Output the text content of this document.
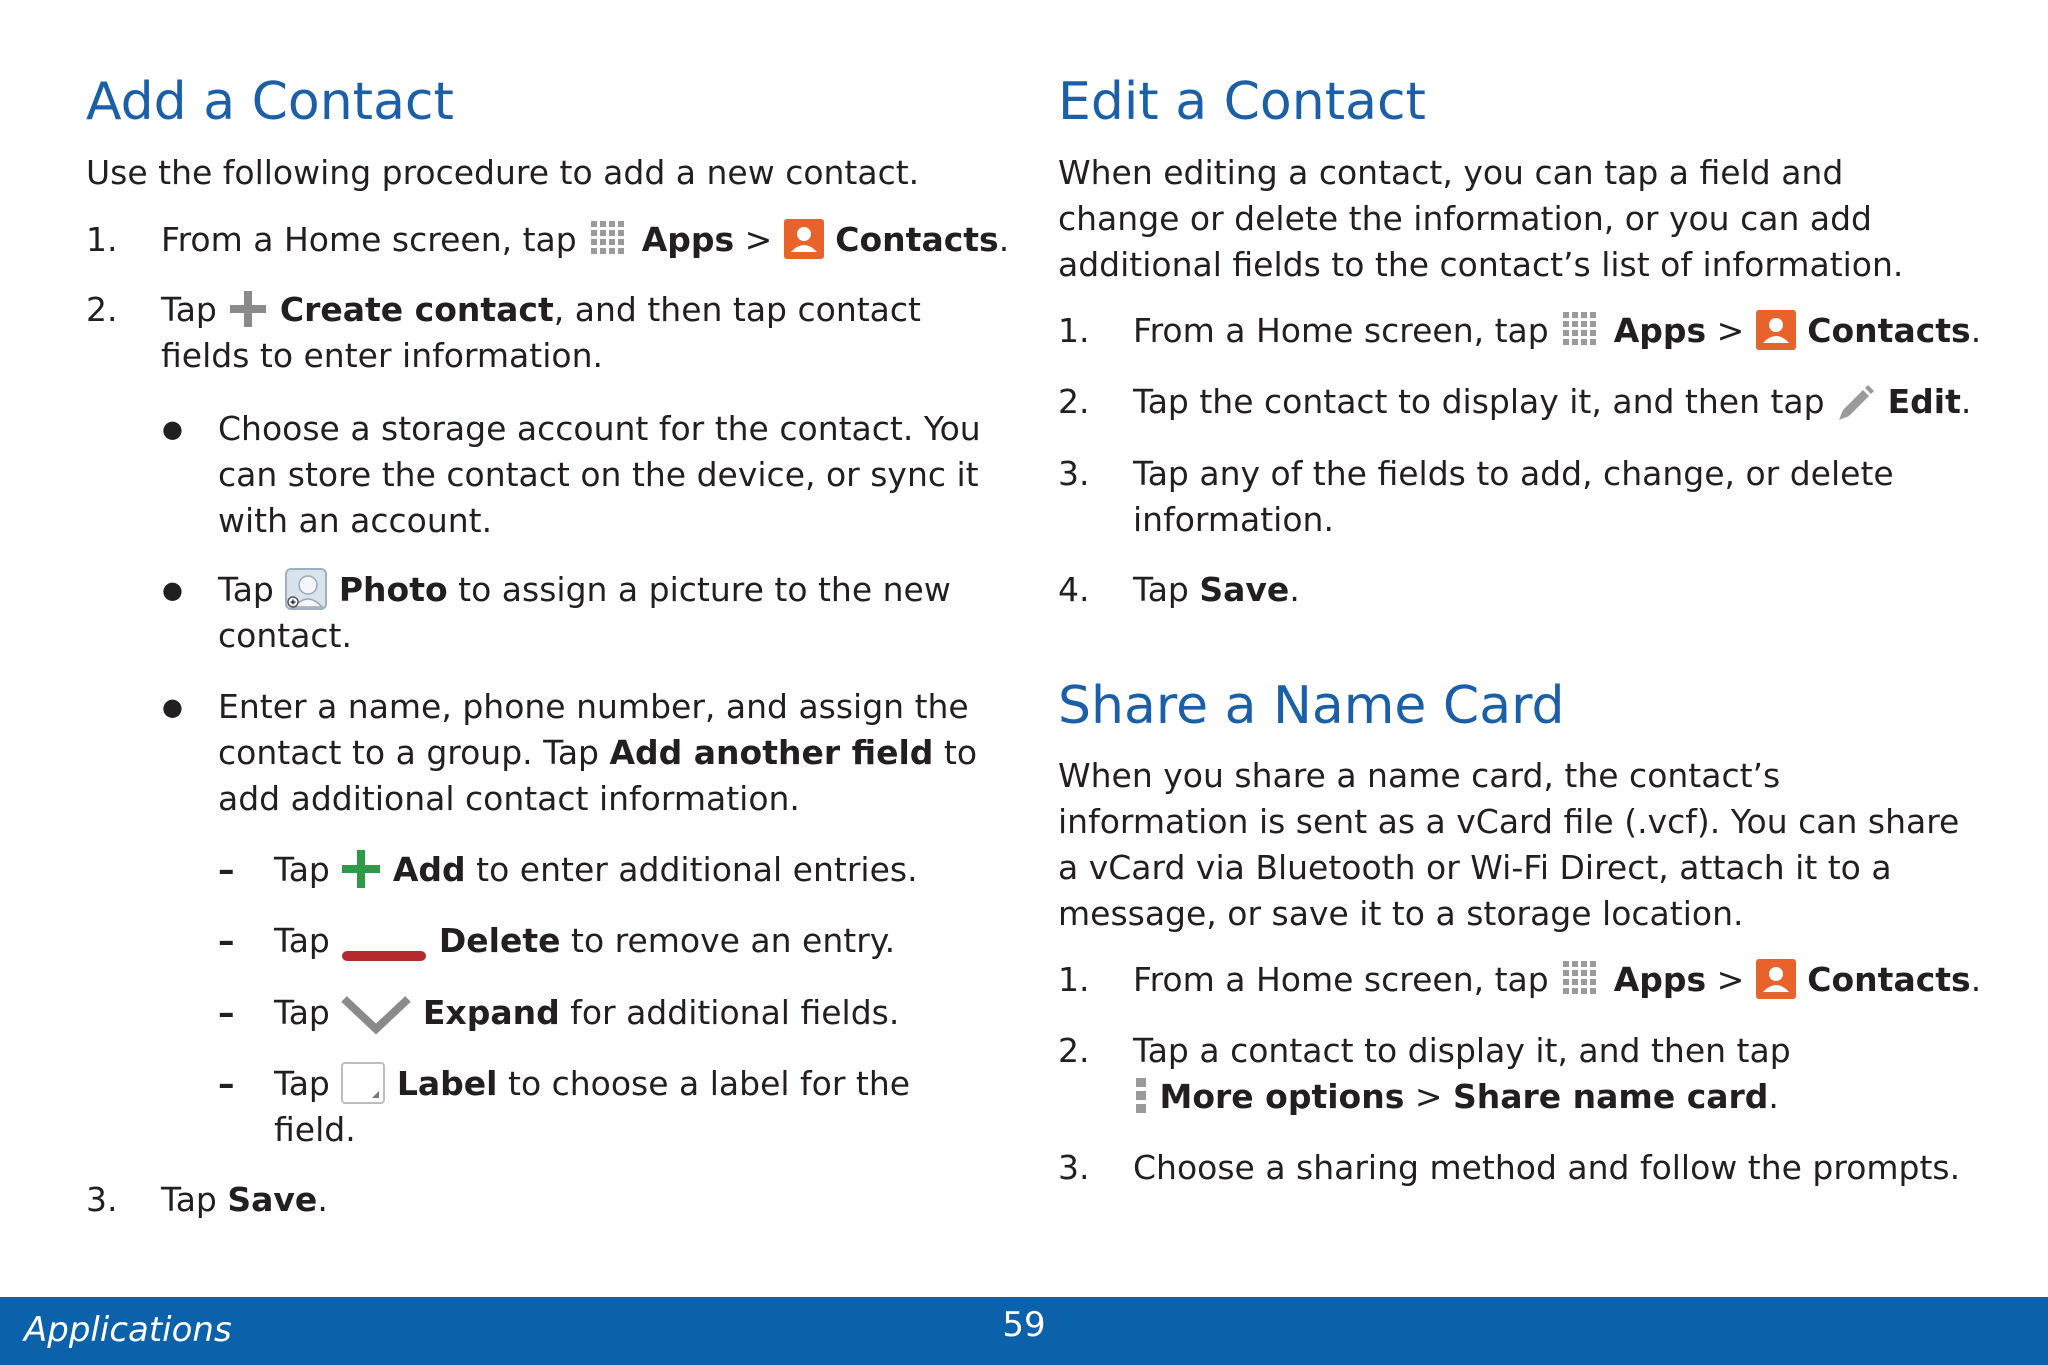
Add a Contact

Use the following procedure to add a new contact.

1. From a Home screen, tap Apps > Contacts.
2. Tap Create contact, and then tap contact
fields to enter information.
● Choose a storage account for the contact. You
can store the contact on the device, or sync it
with an account.
● Tap Photo to assign a picture to the new
contact.
● Enter a name, phone number, and assign the
contact to a group. Tap Add another field to
add additional contact information.
– Tap Add to enter additional entries.
– Tap	Delete to remove an entry.
– Tap	Expand for additional fields.
– Tap Label to choose a label for the
field.
3. Tap Save.
Edit a Contact

When editing a contact, you can tap a field and

change or delete the information, or you can add

additional fields to the contact’s list of information.

1. From a Home screen, tap Apps > Contacts.
2. Tap the contact to display it, and then tap Edit.
3. Tap any of the fields to add, change, or delete
information.
4. Tap Save.
Share a Name Card

When you share a name card, the contact’s

information is sent as a vCard file (.vcf). You can share

a vCard via Bluetooth or Wi-Fi Direct, attach it to a

message, or save it to a storage location.

1. From a Home screen, tap Apps > Contacts.
2. Tap a contact to display it, and then tap
More options > Share name card.
3. Choose a sharing method and follow the prompts.
59
Applications
